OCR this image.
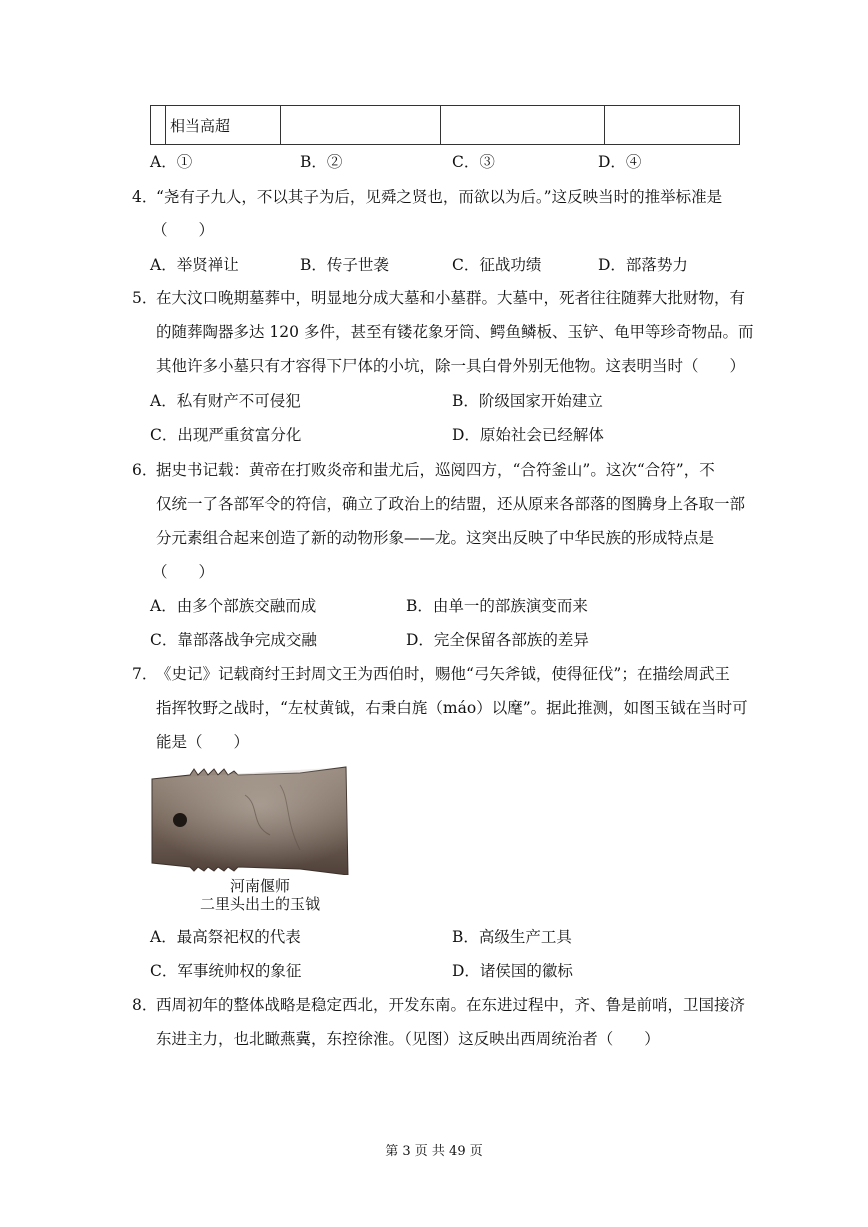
	相当高超			
A．①	B．②	C．③	D．④
4．
“尧有子九人，不以其子为后，见舜之贤也，而欲以为后。”这反映当时的推举标准是
（　　）
A．举贤禅让	B．传子世袭	C．征战功绩	D．部落势力
5．
在大汶口晚期墓葬中，明显地分成大墓和小墓群。大墓中，死者往往随葬大批财物，有
的随葬陶器多达 120 多件，甚至有镂花象牙筒、鳄鱼鳞板、玉铲、龟甲等珍奇物品。而
其他许多小墓只有才容得下尸体的小坑，除一具白骨外别无他物。这表明当时（　　）
A．私有财产不可侵犯	B．阶级国家开始建立
C．出现严重贫富分化	D．原始社会已经解体
6．
据史书记载：黄帝在打败炎帝和蚩尤后，巡阅四方，“合符釜山”。这次“合符”，不
仅统一了各部军令的符信，确立了政治上的结盟，还从原来各部落的图腾身上各取一部
分元素组合起来创造了新的动物形象——龙。这突出反映了中华民族的形成特点是
（　　）
A．由多个部族交融而成	B．由单一的部族演变而来
C．靠部落战争完成交融	D．完全保留各部族的差异
7．
《史记》记载商纣王封周文王为西伯时，赐他“弓矢斧钺，使得征伐”；在描绘周武王
指挥牧野之战时，“左杖黄钺，右秉白旄（máo）以麾”。据此推测，如图玉钺在当时可
能是（　　）
河南偃师
二里头出土的玉钺
A．最高祭祀权的代表	B．高级生产工具
C．军事统帅权的象征	D．诸侯国的徽标
8．
西周初年的整体战略是稳定西北，开发东南。在东进过程中，齐、鲁是前哨，卫国接济
东进主力，也北瞰燕冀，东控徐淮。（见图）这反映出西周统治者（　　）
第 3 页 共 49 页
